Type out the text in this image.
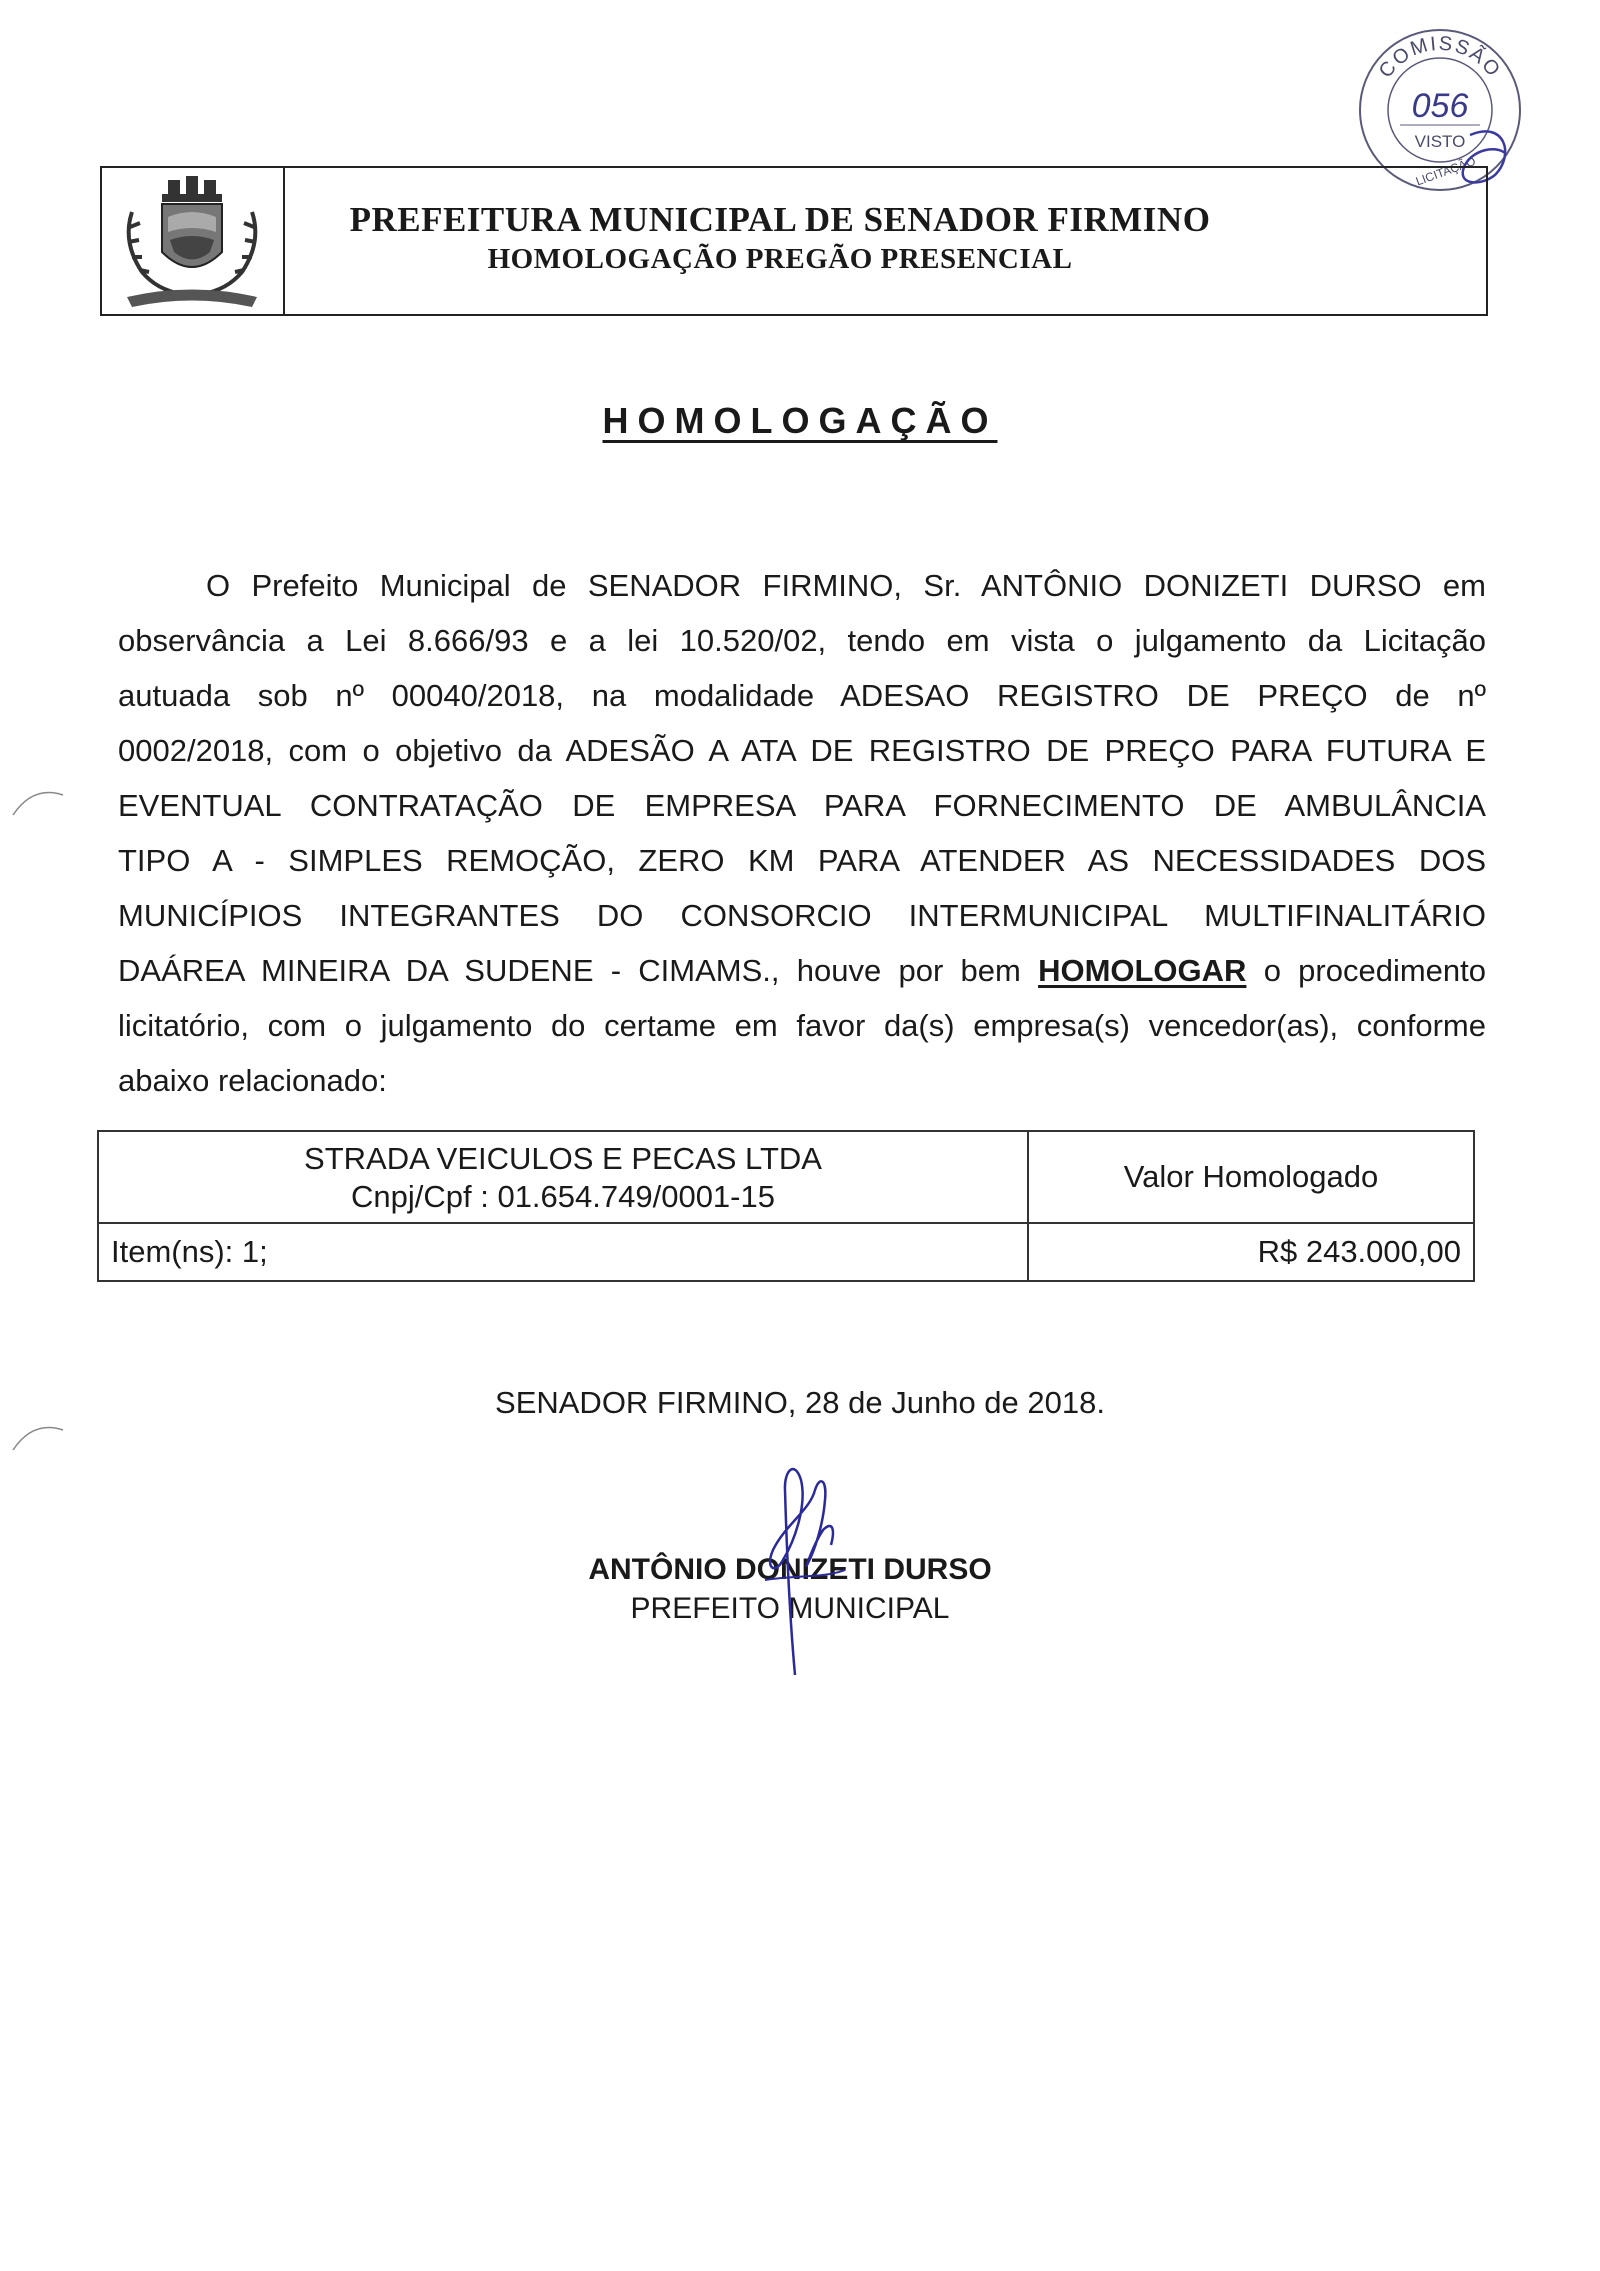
COMISSÃO
056
VISTO
LICITAÇÃO
PREFEITURA MUNICIPAL DE SENADOR FIRMINO
HOMOLOGAÇÃO PREGÃO PRESENCIAL
HOMOLOGAÇÃO
O Prefeito Municipal de SENADOR FIRMINO, Sr. ANTÔNIO DONIZETI DURSO em
observância a Lei 8.666/93 e a lei 10.520/02, tendo em vista o julgamento da Licitação
autuada sob nº 00040/2018, na modalidade ADESAO REGISTRO DE PREÇO de nº
0002/2018, com o objetivo da ADESÃO A ATA DE REGISTRO DE PREÇO PARA FUTURA E
EVENTUAL CONTRATAÇÃO DE EMPRESA PARA FORNECIMENTO DE AMBULÂNCIA
TIPO A - SIMPLES REMOÇÃO, ZERO KM PARA ATENDER AS NECESSIDADES DOS
MUNICÍPIOS INTEGRANTES DO CONSORCIO INTERMUNICIPAL MULTIFINALITÁRIO
DAÁREA MINEIRA DA SUDENE - CIMAMS., houve por bem HOMOLOGAR o procedimento
licitatório, com o julgamento do certame em favor da(s) empresa(s) vencedor(as), conforme
abaixo relacionado:
STRADA VEICULOS E PECAS LTDA
Cnpj/Cpf : 01.654.749/0001-15	Valor Homologado
Item(ns): 1;	R$ 243.000,00
SENADOR FIRMINO, 28 de Junho de 2018.
ANTÔNIO DONIZETI DURSO
PREFEITO MUNICIPAL
